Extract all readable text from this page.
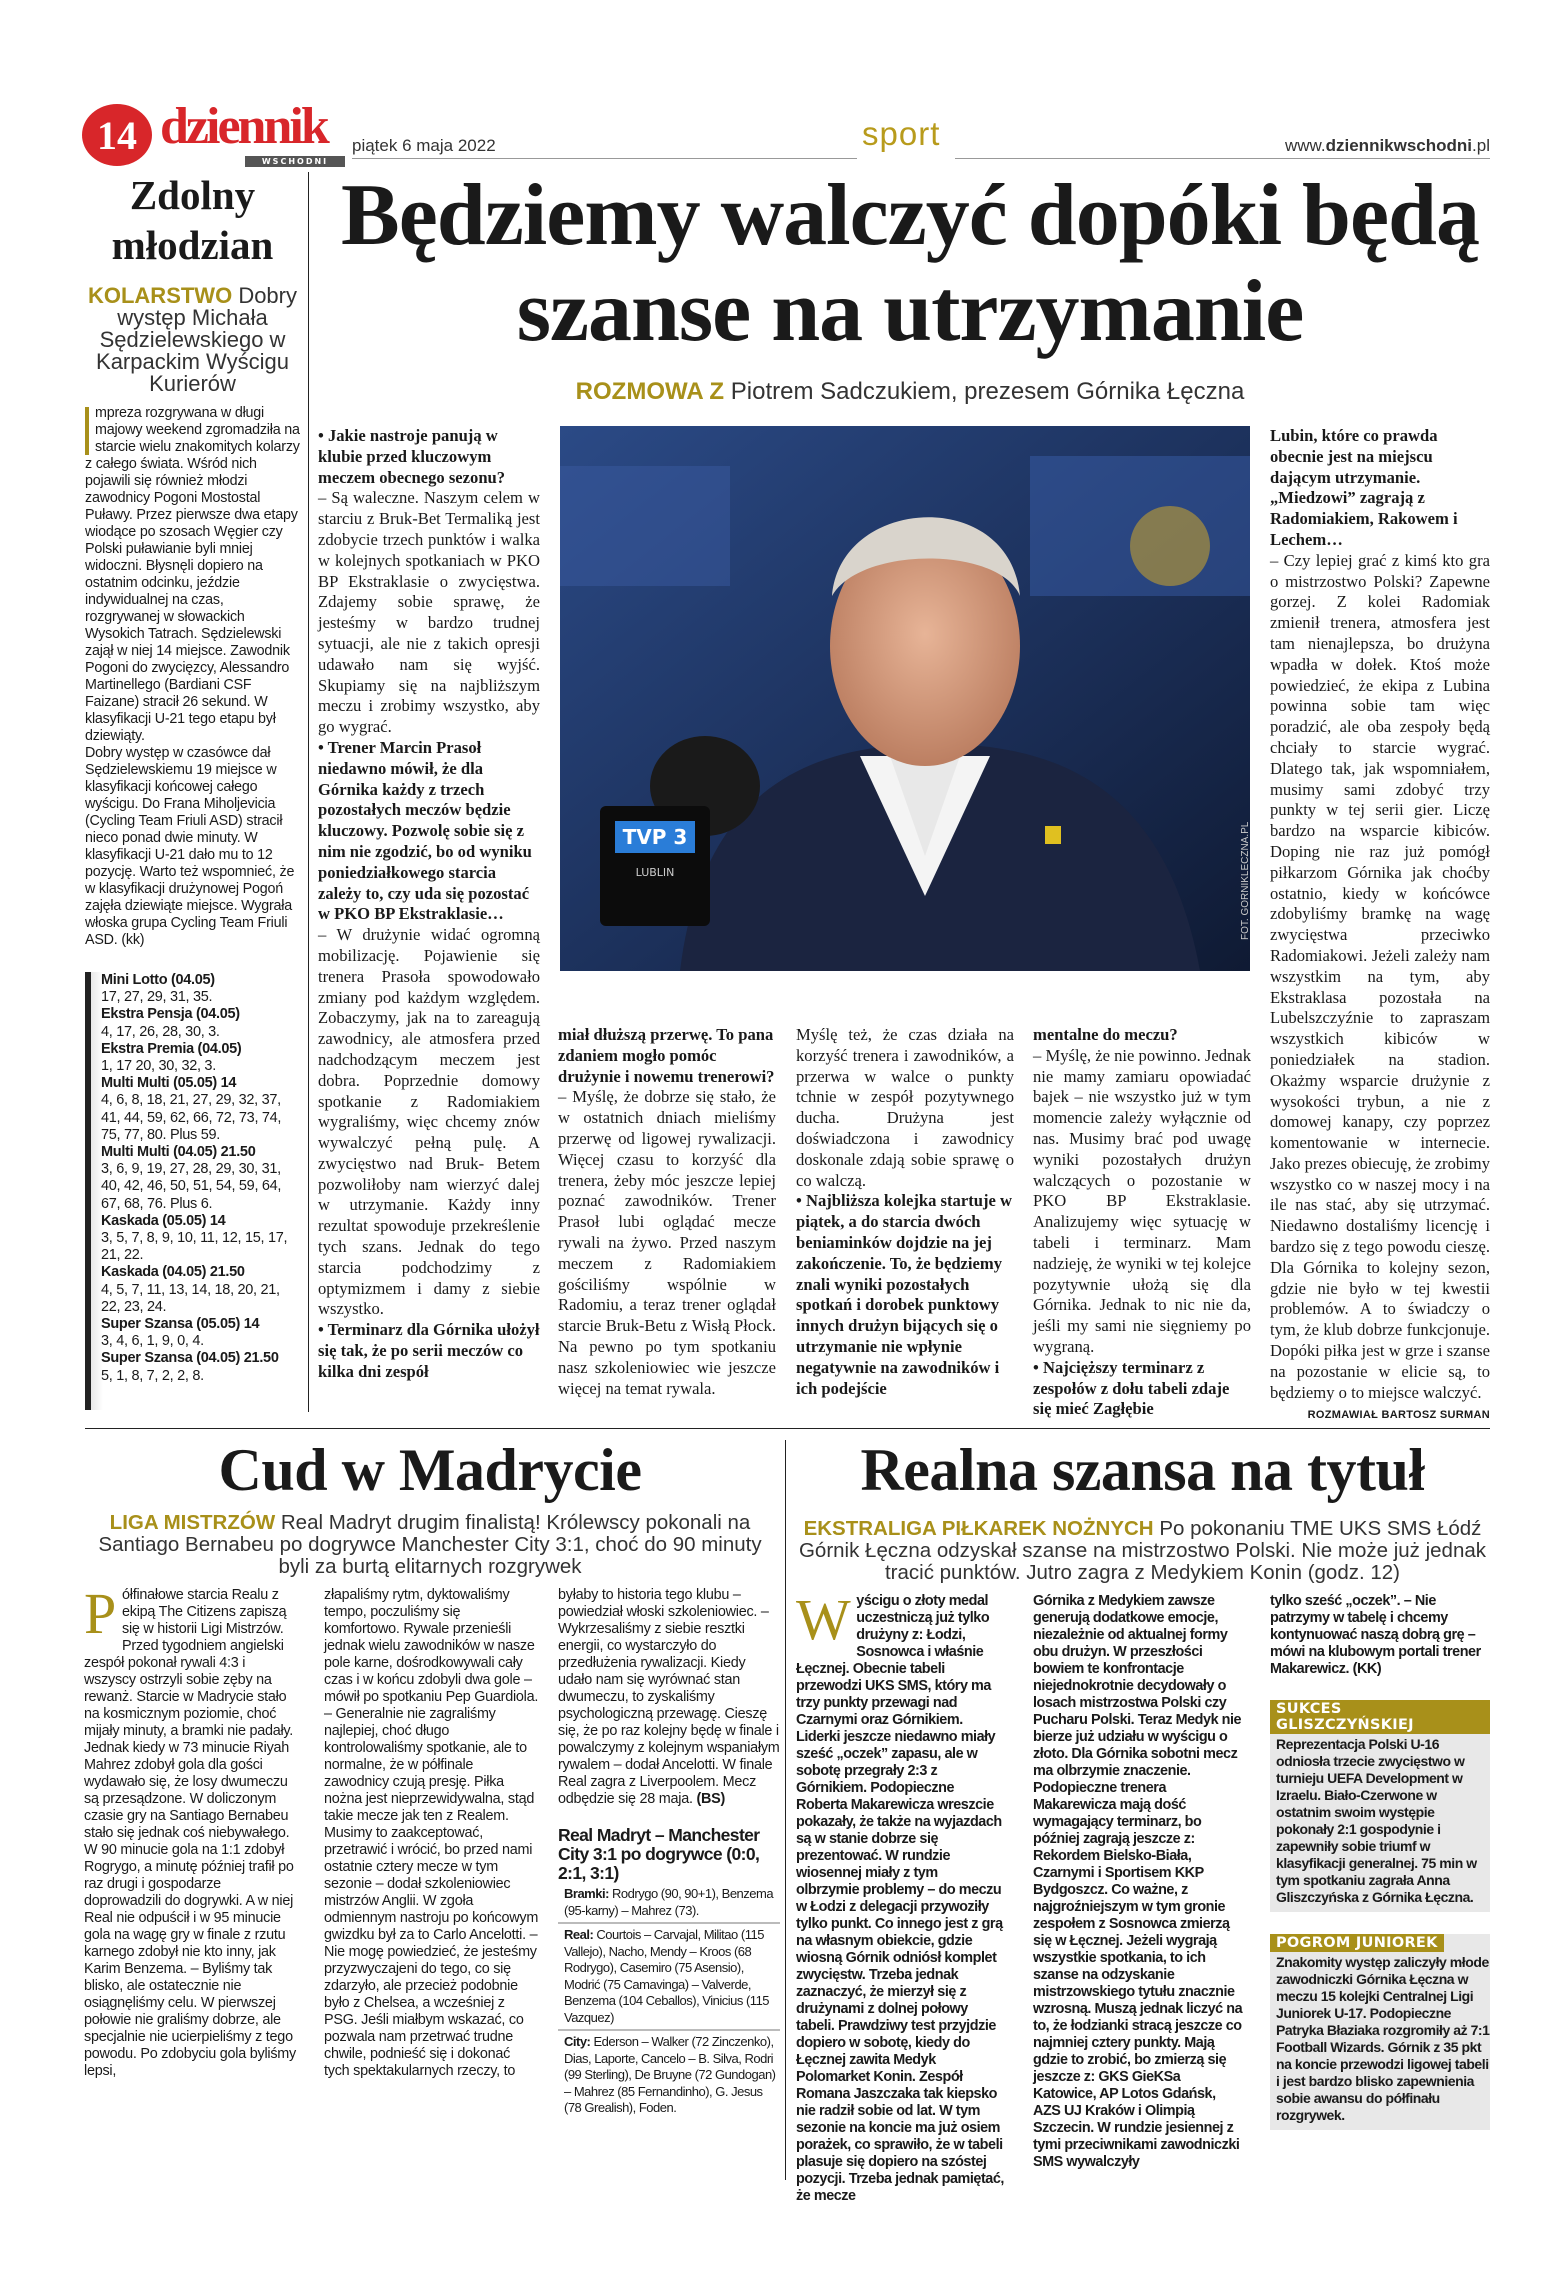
14 dziennik
WSCHODNI
piątek 6 maja 2022	sport	www.dziennikwschodni.pl
Zdolny młodzian
KOLARSTWO Dobry występ Michała Sędzielewskiego w Karpackim Wyścigu Kurierów

mpreza rozgrywana w długi majowy weekend zgromadziła na starcie wielu znakomitych kolarzy z całego świata. Wśród nich pojawili się również młodzi zawodnicy Pogoni Mostostal Puławy. Przez pierwsze dwa etapy wiodące po szosach Węgier czy Polski puławianie byli mniej widoczni. Błysnęli dopiero na ostatnim odcinku, jeździe indywidualnej na czas, rozgrywanej w słowackich Wysokich Tatrach. Sędzielewski zajął w niej 14 miejsce. Zawodnik Pogoni do zwycięzcy, Alessandro Martinellego (Bardiani CSF Faizane) stracił 26 sekund. W klasyfikacji U-21 tego etapu był dziewiąty.

Dobry występ w czasówce dał Sędzielewskiemu 19 miejsce w klasyfikacji końcowej całego wyścigu. Do Frana Miholjevicia (Cycling Team Friuli ASD) stracił nieco ponad dwie minuty. W klasyfikacji U-21 dało mu to 12 pozycję. Warto też wspomnieć, że w klasyfikacji drużynowej Pogoń zajęła dziewiąte miejsce. Wygrała włoska grupa Cycling Team Friuli ASD. (kk)

Mini Lotto (04.05)
17, 27, 29, 31, 35.
Ekstra Pensja (04.05)
4, 17, 26, 28, 30, 3.
Ekstra Premia (04.05)
1, 17 20, 30, 32, 3.
Multi Multi (05.05) 14
4, 6, 8, 18, 21, 27, 29, 32, 37, 41, 44, 59, 62, 66, 72, 73, 74, 75, 77, 80. Plus 59.
Multi Multi (04.05) 21.50
3, 6, 9, 19, 27, 28, 29, 30, 31, 40, 42, 46, 50, 51, 54, 59, 64, 67, 68, 76. Plus 6.
Kaskada (05.05) 14
3, 5, 7, 8, 9, 10, 11, 12, 15, 17, 21, 22.
Kaskada (04.05) 21.50
4, 5, 7, 11, 13, 14, 18, 20, 21, 22, 23, 24.
Super Szansa (05.05) 14
3, 4, 6, 1, 9, 0, 4.
Super Szansa (04.05) 21.50
5, 1, 8, 7, 2, 2, 8.
Będziemy walczyć dopóki będą szanse na utrzymanie
ROZMOWA Z Piotrem Sadczukiem, prezesem Górnika Łęczna

• Jakie nastroje panują w klubie przed kluczowym meczem obecnego sezonu?

– Są waleczne. Naszym celem w starciu z Bruk-Bet Termaliką jest zdobycie trzech punktów i walka w kolejnych spotkaniach w PKO BP Ekstraklasie o zwycięstwa. Zdajemy sobie sprawę, że jesteśmy w bardzo trudnej sytuacji, ale nie z takich opresji udawało nam się wyjść. Skupiamy się na najbliższym meczu i zrobimy wszystko, aby go wygrać.

• Trener Marcin Prasoł niedawno mówił, że dla Górnika każdy z trzech pozostałych meczów będzie kluczowy. Pozwolę sobie się z nim nie zgodzić, bo od wyniku poniedziałkowego starcia zależy to, czy uda się pozostać w PKO BP Ekstraklasie…

– W drużynie widać ogromną mobilizację. Pojawienie się trenera Prasoła spowodowało zmiany pod każdym względem. Zobaczymy, jak na to zareagują zawodnicy, ale atmosfera przed nadchodzącym meczem jest dobra. Poprzednie domowy spotkanie z Radomiakiem wygraliśmy, więc chcemy znów wywalczyć pełną pulę. A zwycięstwo nad Bruk- Betem pozwoliłoby nam wierzyć dalej w utrzymanie. Każdy inny rezultat spowoduje przekreślenie tych szans. Jednak do tego starcia podchodzimy z optymizmem i damy z siebie wszystko.

• Terminarz dla Górnika ułożył się tak, że po serii meczów co kilka dni zespół

TVP 3
LUBLIN	FOT. GORNIKLECZNA.PL

miał dłuższą przerwę. To pana zdaniem mogło pomóc drużynie i nowemu trenerowi?

– Myślę, że dobrze się stało, że w ostatnich dniach mieliśmy przerwę od ligowej rywalizacji. Więcej czasu to korzyść dla trenera, żeby móc jeszcze lepiej poznać zawodników. Trener Prasoł lubi oglądać mecze rywali na żywo. Przed naszym meczem z Radomiakiem gościliśmy wspólnie w Radomiu, a teraz trener oglądał starcie Bruk-Betu z Wisłą Płock. Na pewno po tym spotkaniu nasz szkoleniowiec wie jeszcze więcej na temat rywala.

Myślę też, że czas działa na korzyść trenera i zawodników, a przerwa w walce o punkty tchnie w zespół pozytywnego ducha. Drużyna jest doświadczona i zawodnicy doskonale zdają sobie sprawę o co walczą.

• Najbliższa kolejka startuje w piątek, a do starcia dwóch beniaminków dojdzie na jej zakończenie. To, że będziemy znali wyniki pozostałych spotkań i dorobek punktowy innych drużyn bijących się o utrzymanie nie wpłynie negatywnie na zawodników i ich podejście

mentalne do meczu?

– Myślę, że nie powinno. Jednak nie mamy zamiaru opowiadać bajek – nie wszystko już w tym momencie zależy wyłącznie od nas. Musimy brać pod uwagę wyniki pozostałych drużyn walczących o pozostanie w PKO BP Ekstraklasie. Analizujemy więc sytuację w tabeli i terminarz. Mam nadzieję, że wyniki w tej kolejce pozytywnie ułożą się dla Górnika. Jednak to nic nie da, jeśli my sami nie sięgniemy po wygraną.

• Najcięższy terminarz z zespołów z dołu tabeli zdaje się mieć Zagłębie

Lubin, które co prawda obecnie jest na miejscu dającym utrzymanie. „Miedzowi” zagrają z Radomiakiem, Rakowem i Lechem…

– Czy lepiej grać z kimś kto gra o mistrzostwo Polski? Zapewne gorzej. Z kolei Radomiak zmienił trenera, atmosfera jest tam nienajlepsza, bo drużyna wpadła w dołek. Ktoś może powiedzieć, że ekipa z Lubina powinna sobie tam więc poradzić, ale oba zespoły będą chciały to starcie wygrać. Dlatego tak, jak wspomniałem, musimy sami zdobyć trzy punkty w tej serii gier. Liczę bardzo na wsparcie kibiców. Doping nie raz już pomógł piłkarzom Górnika jak choćby ostatnio, kiedy w końcówce zdobyliśmy bramkę na wagę zwycięstwa przeciwko Radomiakowi. Jeżeli zależy nam wszystkim na tym, aby Ekstraklasa pozostała na Lubelszczyźnie to zapraszam wszystkich kibiców w poniedziałek na stadion. Okażmy wsparcie drużynie z wysokości trybun, a nie z domowej kanapy, czy poprzez komentowanie w internecie. Jako prezes obiecuję, że zrobimy wszystko co w naszej mocy i na ile nas stać, aby się utrzymać. Niedawno dostaliśmy licencję i bardzo się z tego powodu cieszę. Dla Górnika to kolejny sezon, gdzie nie było w tej kwestii problemów. A to świadczy o tym, że klub dobrze funkcjonuje. Dopóki piłka jest w grze i szanse na pozostanie w elicie są, to będziemy o to miejsce walczyć.

ROZMAWIAŁ BARTOSZ SURMAN
Cud w Madrycie
LIGA MISTRZÓW Real Madryt drugim finalistą! Królewscy pokonali na Santiago Bernabeu po dogrywce Manchester City 3:1, choć do 90 minuty byli za burtą elitarnych rozgrywek
Półfinałowe starcia Realu z ekipą The Citizens zapiszą się w historii Ligi Mistrzów. Przed tygodniem angielski zespół pokonał rywali 4:3 i wszyscy ostrzyli sobie zęby na rewanż. Starcie w Madrycie stało na kosmicznym poziomie, choć mijały minuty, a bramki nie padały. Jednak kiedy w 73 minucie Riyah Mahrez zdobył gola dla gości wydawało się, że losy dwumeczu są przesądzone. W doliczonym czasie gry na Santiago Bernabeu stało się jednak coś niebywałego. W 90 minucie gola na 1:1 zdobył Rogrygo, a minutę później trafił po raz drugi i gospodarze doprowadzili do dogrywki. A w niej Real nie odpuścił i w 95 minucie gola na wagę gry w finale z rzutu karnego zdobył nie kto inny, jak Karim Benzema. – Byliśmy tak blisko, ale ostatecznie nie osiągnęliśmy celu. W pierwszej połowie nie graliśmy dobrze, ale specjalnie nie ucierpieliśmy z tego powodu. Po zdobyciu gola byliśmy lepsi,
złapaliśmy rytm, dyktowaliśmy tempo, poczuliśmy się komfortowo. Rywale przenieśli jednak wielu zawodników w nasze pole karne, dośrodkowywali cały czas i w końcu zdobyli dwa gole – mówił po spotkaniu Pep Guardiola. – Generalnie nie zagraliśmy najlepiej, choć długo kontrolowaliśmy spotkanie, ale to normalne, że w półfinale zawodnicy czują presję. Piłka nożna jest nieprzewidywalna, stąd takie mecze jak ten z Realem. Musimy to zaakceptować, przetrawić i wrócić, bo przed nami ostatnie cztery mecze w tym sezonie – dodał szkoleniowiec mistrzów Anglii. W zgoła odmiennym nastroju po końcowym gwizdku był za to Carlo Ancelotti. – Nie mogę powiedzieć, że jesteśmy przyzwyczajeni do tego, co się zdarzyło, ale przecież podobnie było z Chelsea, a wcześniej z PSG. Jeśli miałbym wskazać, co pozwala nam przetrwać trudne chwile, podnieść się i dokonać tych spektakularnych rzeczy, to
byłaby to historia tego klubu – powiedział włoski szkoleniowiec. – Wykrzesaliśmy z siebie resztki energii, co wystarczyło do przedłużenia rywalizacji. Kiedy udało nam się wyrównać stan dwumeczu, to zyskaliśmy psychologiczną przewagę. Cieszę się, że po raz kolejny będę w finale i powalczymy z kolejnym wspaniałym rywalem – dodał Ancelotti. W finale Real zagra z Liverpoolem. Mecz odbędzie się 28 maja. (BS)
Real Madryt – Manchester City 3:1 po dogrywce (0:0, 2:1, 3:1)
Bramki: Rodrygo (90, 90+1), Benzema (95-karny) – Mahrez (73).
Real: Courtois – Carvajal, Militao (115 Vallejo), Nacho, Mendy – Kroos (68 Rodrygo), Casemiro (75 Asensio), Modrić (75 Camavinga) – Valverde, Benzema (104 Ceballos), Vinicius (115 Vazquez)
City: Ederson – Walker (72 Zinczenko), Dias, Laporte, Cancelo – B. Silva, Rodri (99 Sterling), De Bruyne (72 Gundogan) – Mahrez (85 Fernandinho), G. Jesus (78 Grealish), Foden.
Realna szansa na tytuł
EKSTRALIGA PIŁKAREK NOŻNYCH Po pokonaniu TME UKS SMS Łódź Górnik Łęczna odzyskał szanse na mistrzostwo Polski. Nie może już jednak tracić punktów. Jutro zagra z Medykiem Konin (godz. 12)
Wyścigu o złoty medal uczestniczą już tylko drużyny z: Łodzi, Sosnowca i właśnie Łęcznej. Obecnie tabeli przewodzi UKS SMS, który ma trzy punkty przewagi nad Czarnymi oraz Górnikiem. Liderki jeszcze niedawno miały sześć „oczek” zapasu, ale w sobotę przegrały 2:3 z Górnikiem. Podopieczne Roberta Makarewicza wreszcie pokazały, że także na wyjazdach są w stanie dobrze się prezentować. W rundzie wiosennej miały z tym olbrzymie problemy – do meczu w Łodzi z delegacji przywoziły tylko punkt. Co innego jest z grą na własnym obiekcie, gdzie wiosną Górnik odniósł komplet zwycięstw. Trzeba jednak zaznaczyć, że mierzył się z drużynami z dolnej połowy tabeli. Prawdziwy test przyjdzie dopiero w sobotę, kiedy do Łęcznej zawita Medyk Polomarket Konin. Zespół Romana Jaszczaka tak kiepsko nie radził sobie od lat. W tym sezonie na koncie ma już osiem porażek, co sprawiło, że w tabeli plasuje się dopiero na szóstej pozycji. Trzeba jednak pamiętać, że mecze
Górnika z Medykiem zawsze generują dodatkowe emocje, niezależnie od aktualnej formy obu drużyn. W przeszłości bowiem te konfrontacje niejednokrotnie decydowały o losach mistrzostwa Polski czy Pucharu Polski. Teraz Medyk nie bierze już udziału w wyścigu o złoto. Dla Górnika sobotni mecz ma olbrzymie znaczenie. Podopieczne trenera Makarewicza mają dość wymagający terminarz, bo później zagrają jeszcze z: Rekordem Bielsko-Biała, Czarnymi i Sportisem KKP Bydgoszcz. Co ważne, z najgroźniejszym w tym gronie zespołem z Sosnowca zmierzą się w Łęcznej. Jeżeli wygrają wszystkie spotkania, to ich szanse na odzyskanie mistrzowskiego tytułu znacznie wzrosną. Muszą jednak liczyć na to, że łodzianki stracą jeszcze co najmniej cztery punkty. Mają gdzie to zrobić, bo zmierzą się jeszcze z: GKS GieKSa Katowice, AP Lotos Gdańsk, AZS UJ Kraków i Olimpią Szczecin. W rundzie jesiennej z tymi przeciwnikami zawodniczki SMS wywalczyły
tylko sześć „oczek”. – Nie patrzymy w tabelę i chcemy kontynuować naszą dobrą grę – mówi na klubowym portali trener Makarewicz. (KK)
SUKCES GLISZCZYŃSKIEJ
Reprezentacja Polski U-16 odniosła trzecie zwycięstwo w turnieju UEFA Development w Izraelu. Biało-Czerwone w ostatnim swoim występie pokonały 2:1 gospodynie i zapewniły sobie triumf w klasyfikacji generalnej. 75 min w tym spotkaniu zagrała Anna Gliszczyńska z Górnika Łęczna.
POGROM JUNIOREK
Znakomity występ zaliczyły młode zawodniczki Górnika Łęczna w meczu 15 kolejki Centralnej Ligi Juniorek U-17. Podopieczne Patryka Błaziaka rozgromiły aż 7:1 Football Wizards. Górnik z 35 pkt na koncie przewodzi ligowej tabeli i jest bardzo blisko zapewnienia sobie awansu do półfinału rozgrywek.
